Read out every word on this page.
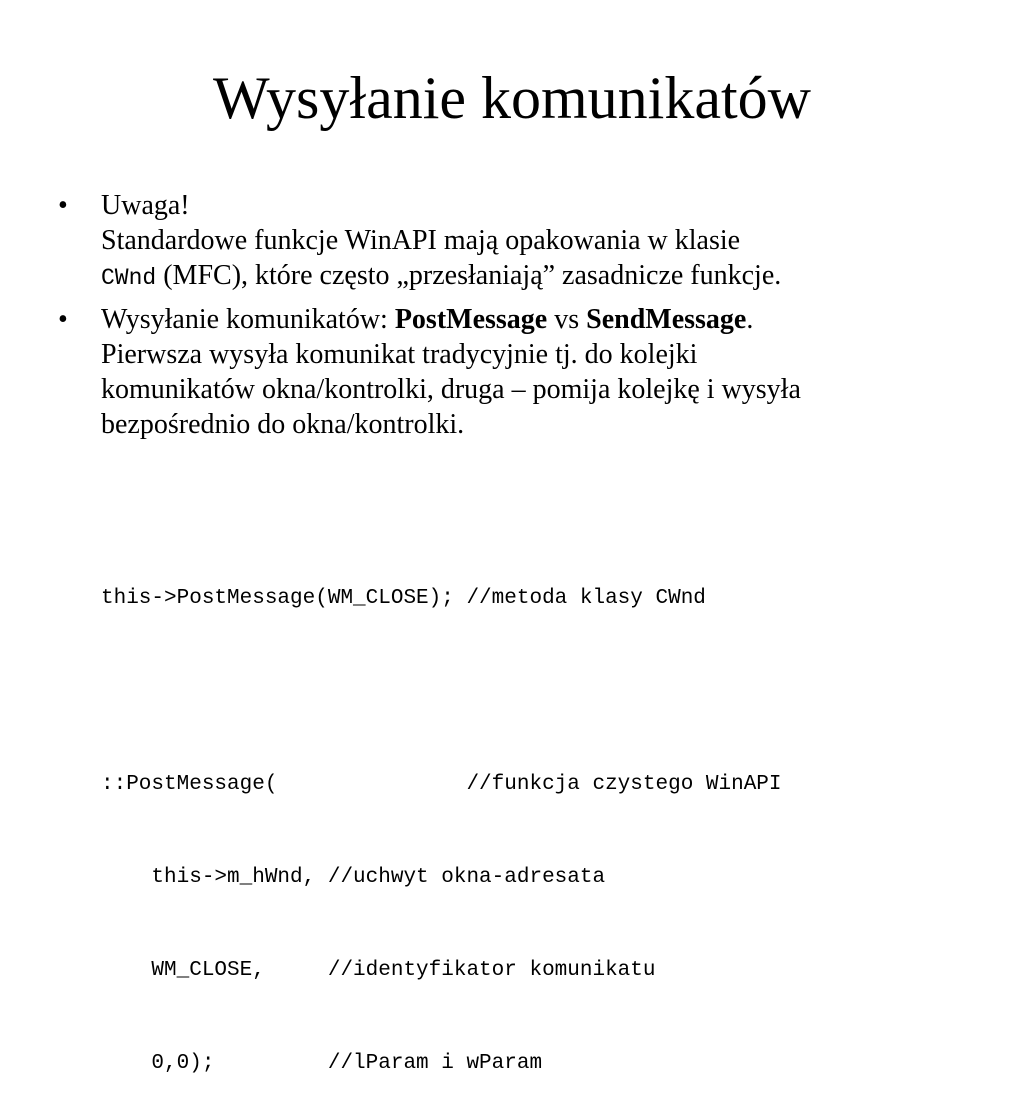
Wysyłanie komunikatów
• Uwaga!
Standardowe funkcje WinAPI mają opakowania w klasie
CWnd (MFC), które często „przesłaniają” zasadnicze funkcje.
• Wysyłanie komunikatów: PostMessage vs SendMessage.
Pierwsza wysyła komunikat tradycyjnie tj. do kolejki
komunikatów okna/kontrolki, druga – pomija kolejkę i wysyła
bezpośrednio do okna/kontrolki.

this->PostMessage(WM_CLOSE); //metoda klasy CWnd

::PostMessage(               //funkcja czystego WinAPI

this->m_hWnd, //uchwyt okna-adresata

WM_CLOSE,     //identyfikator komunikatu

0,0);         //lParam i wParam
